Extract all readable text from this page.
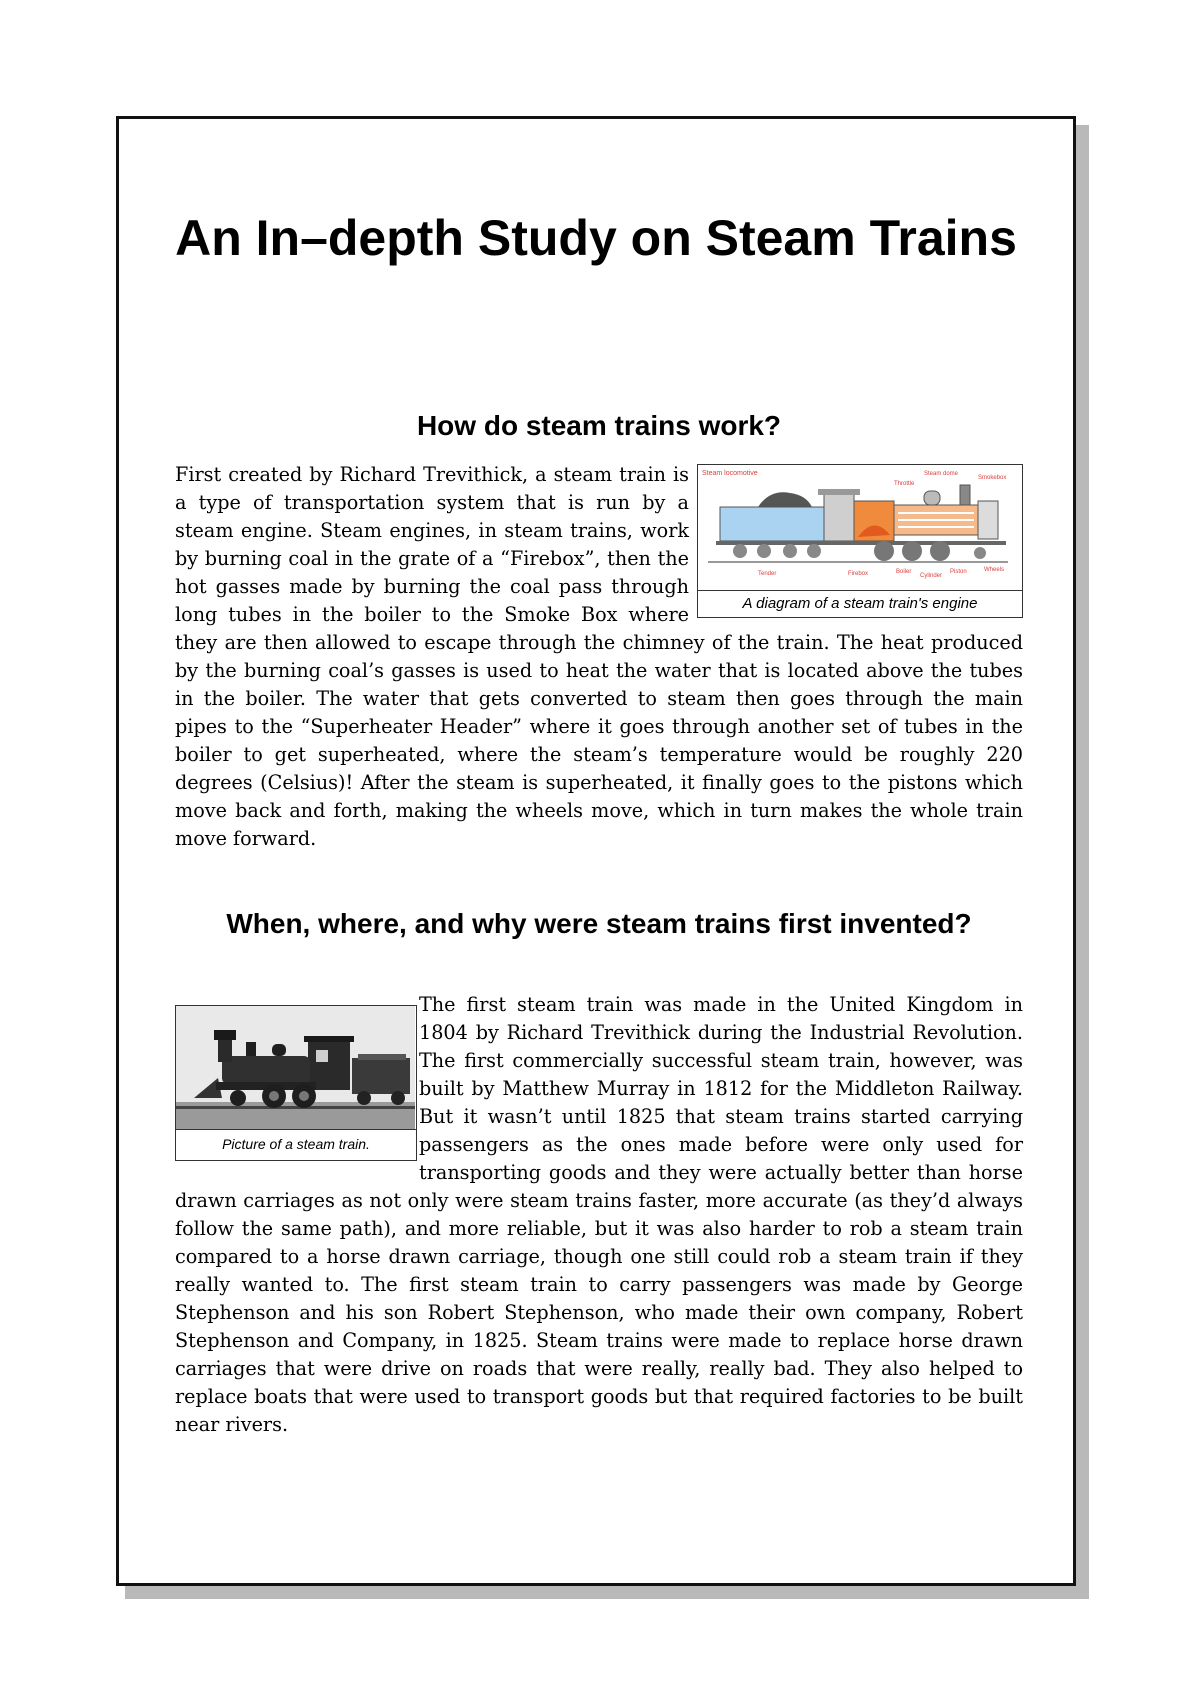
An In–depth Study on Steam Trains
How do steam trains work?
Steam locomotive
Throttle
Steam dome
Smokebox
Tender	Firebox	Boiler
Cylinder
Piston	Wheels
A diagram of a steam train's engine
First created by Richard Trevithick, a steam train is a type of transportation system that is run by a steam engine. Steam engines, in steam trains, work by burning coal in the grate of a “Firebox”, then the hot gasses made by burning the coal pass through long tubes in the boiler to the Smoke Box where they are then allowed to escape through the chimney of the train. The heat produced by the burning coal’s gasses is used to heat the water that is located above the tubes in the boiler. The water that gets converted to steam then goes through the main pipes to the “Superheater Header” where it goes through another set of tubes in the boiler to get superheated, where the steam’s temperature would be roughly 220 degrees (Celsius)! After the steam is superheated, it finally goes to the pistons which move back and forth, making the wheels move, which in turn makes the whole train move forward.
When, where, and why were steam trains first invented?
Picture of a steam train.
The first steam train was made in the United Kingdom in 1804 by Richard Trevithick during the Industrial Revolution. The first commercially successful steam train, however, was built by Matthew Murray in 1812 for the Middleton Railway. But it wasn’t until 1825 that steam trains started carrying passengers as the ones made before were only used for transporting goods and they were actually better than horse drawn carriages as not only were steam trains faster, more accurate (as they’d always follow the same path), and more reliable, but it was also harder to rob a steam train compared to a horse drawn carriage, though one still could rob a steam train if they really wanted to. The first steam train to carry passengers was made by George Stephenson and his son Robert Stephenson, who made their own company, Robert Stephenson and Company, in 1825. Steam trains were made to replace horse drawn carriages that were drive on roads that were really, really bad. They also helped to replace boats that were used to transport goods but that required factories to be built near rivers.
